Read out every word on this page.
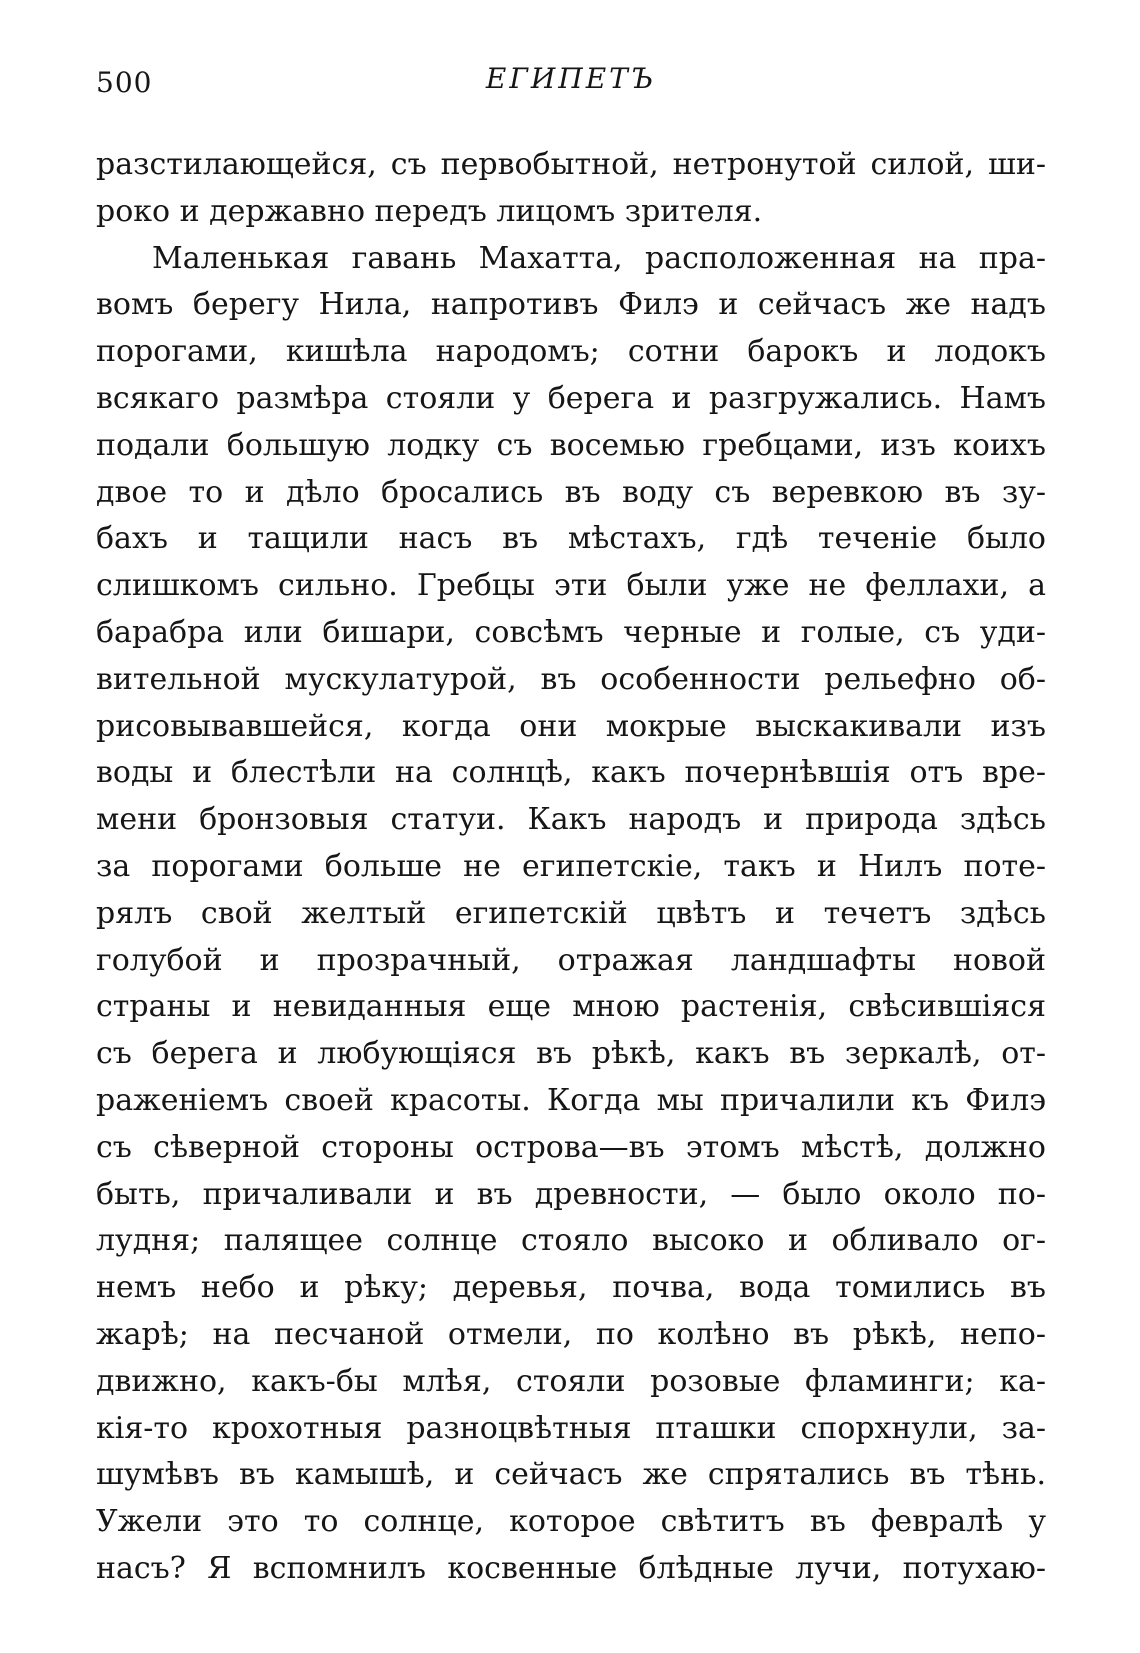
500	ЕГИПЕТЪ
разстилающейся, съ первобытной, нетронутой силой, ши-
роко и державно передъ лицомъ зрителя.
Маленькая гавань Махатта, расположенная на пра-
вомъ берегу Нила, напротивъ Филэ и сейчасъ же надъ
порогами, кишѣла народомъ; сотни барокъ и лодокъ
всякаго размѣра стояли у берега и разгружались. Намъ
подали большую лодку съ восемью гребцами, изъ коихъ
двое то и дѣло бросались въ воду съ веревкою въ зу-
бахъ и тащили насъ въ мѣстахъ, гдѣ теченіе было
слишкомъ сильно. Гребцы эти были уже не феллахи, а
барабра или бишари, совсѣмъ черные и голые, съ уди-
вительной мускулатурой, въ особенности рельефно об-
рисовывавшейся, когда они мокрые выскакивали изъ
воды и блестѣли на солнцѣ, какъ почернѣвшія отъ вре-
мени бронзовыя статуи. Какъ народъ и природа здѣсь
за порогами больше не египетскіе, такъ и Нилъ поте-
рялъ свой желтый египетскій цвѣтъ и течетъ здѣсь
голубой и прозрачный, отражая ландшафты новой
страны и невиданныя еще мною растенія, свѣсившіяся
съ берега и любующіяся въ рѣкѣ, какъ въ зеркалѣ, от-
раженіемъ своей красоты. Когда мы причалили къ Филэ
съ сѣверной стороны острова—въ этомъ мѣстѣ, должно
быть, причаливали и въ древности, — было около по-
лудня; палящее солнце стояло высоко и обливало ог-
немъ небо и рѣку; деревья, почва, вода томились въ
жарѣ; на песчаной отмели, по колѣно въ рѣкѣ, непо-
движно, какъ-бы млѣя, стояли розовые фламинги; ка-
кія-то крохотныя разноцвѣтныя пташки спорхнули, за-
шумѣвъ въ камышѣ, и сейчасъ же спрятались въ тѣнь.
Ужели это то солнце, которое свѣтитъ въ февралѣ у
насъ? Я вспомнилъ косвенные блѣдные лучи, потухаю-
